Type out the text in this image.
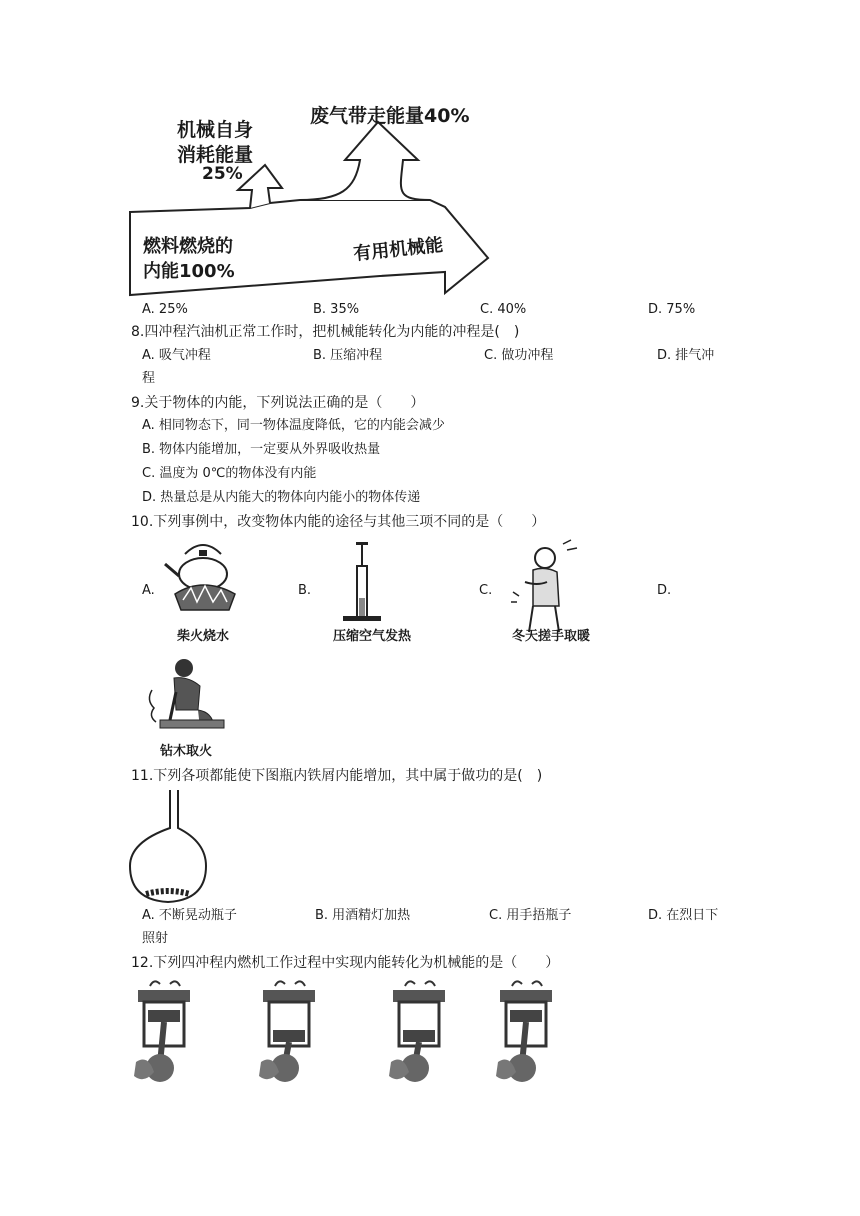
机械自身
消耗能量
25%
废气带走能量40%
燃料燃烧的
内能100%
有用机械能
A. 25%	B. 35%	C. 40%	D. 75%
8.四冲程汽油机正常工作时，把机械能转化为内能的冲程是(　)
A. 吸气冲程	B. 压缩冲程	C. 做功冲程	D. 排气冲
程
9.关于物体的内能，下列说法正确的是（　　）
A. 相同物态下，同一物体温度降低，它的内能会减少
B. 物体内能增加，一定要从外界吸收热量
C. 温度为 0℃的物体没有内能
D. 热量总是从内能大的物体向内能小的物体传递
10.下列事例中，改变物体内能的途径与其他三项不同的是（　　）
A.	B.	C.	D.
柴火烧水	压缩空气发热	冬天搓手取暖
钻木取火
11.下列各项都能使下图瓶内铁屑内能增加，其中属于做功的是(　)
A. 不断晃动瓶子	B. 用酒精灯加热	C. 用手捂瓶子	D. 在烈日下
照射
12.下列四冲程内燃机工作过程中实现内能转化为机械能的是（　　）
